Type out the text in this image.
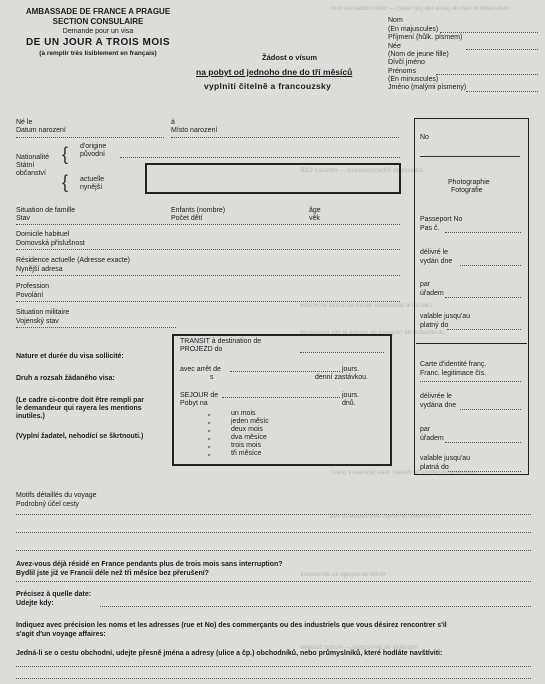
Nationalité et nom de jeune fille (ou rayer) — Státní občanství dívčí
Adresse de Tchécoslovaquie — Adresa v ČSR
Lieu où le demandeur désire se rendre en France
Justification de l'urgence du voyage et des ressources
Avez-vous un permis de travail? Máte povolení k práci?
En combien de temps sera valable le visa
Motifs du voyage du demandeur
Signature du demandeur — Podpis žadatele
AMBASSADE DE FRANCE A PRAGUE
SECTION CONSULAIRE
Demande pour un visa
DE UN JOUR A TROIS MOIS
(à remplir très lisiblement en français)	Žádost o vísum
na pobyt od jednoho dne do tří měsíců
vyplniti čitelně a francouzsky
Nom
(En majuscules)
Příjmení (hůlk. písmem)
Née
(Nom de jeune fille)
Dívčí jméno
Prénoms
(En minuscules)
Jméno (malými písmeny)
Né le
Datum narození
à
Místo narození
Nationalité
Státní
občanství
{
{
d'origine
původní
actuelle
nynější
Situation de famille
Stav
Enfants (nombre)
Počet dětí
âge
věk
Domicile habituel
Domovská příslušnost
Résidence actuelle (Adresse exacte)
Nynější adresa
Profession
Povolání
Situation militaire
Vojenský stav
No
Photographie
Fotografie
Passeport No
Pas č.
délivré le
vydán dne
par
úřadem
valable jusqu'au
platný do
Carte d'identité franç.
Franc. legitimace čís.
délivrée le
vydána dne
par
úřadem
valable jusqu'au
platná do
Nature et durée du visa sollicité:
Druh a rozsah žádaného visa:
(Le cadre ci-contre doit être rempli par
le demandeur qui rayera les mentions
inutiles.)
(Vyplní žadatel, nehodící se škrtnouti.)
TRANSIT à destination de
PROJEZD do
avec arrêt de
s
jours.
denní zastávkou.
SEJOUR de
Pobyt na
jours.
dnů.
„
„
„
„
„
„
un mois
jeden měsíc
deux mois
dva měsíce
trois mois
tři měsíce
Motifs détaillés du voyage
Podrobný účel cesty
Avez-vous déjà résidé en France pendants plus de trois mois sans interruption?
Bydlil jste již ve Francii déle než tři měsíce bez přerušení?
Précisez à quelle date:
Udejte kdy:
Indiquez avec précision les noms et les adresses (rue et No) des commerçants ou des industriels que vous désirez rencontrer s'il
s'agit d'un voyage affaires:
Jedná-li se o cestu obchodní, udejte přesně jména a adresy (ulice a čp.) obchodníků, nebo průmyslníků, které hodláte navštíviti:
